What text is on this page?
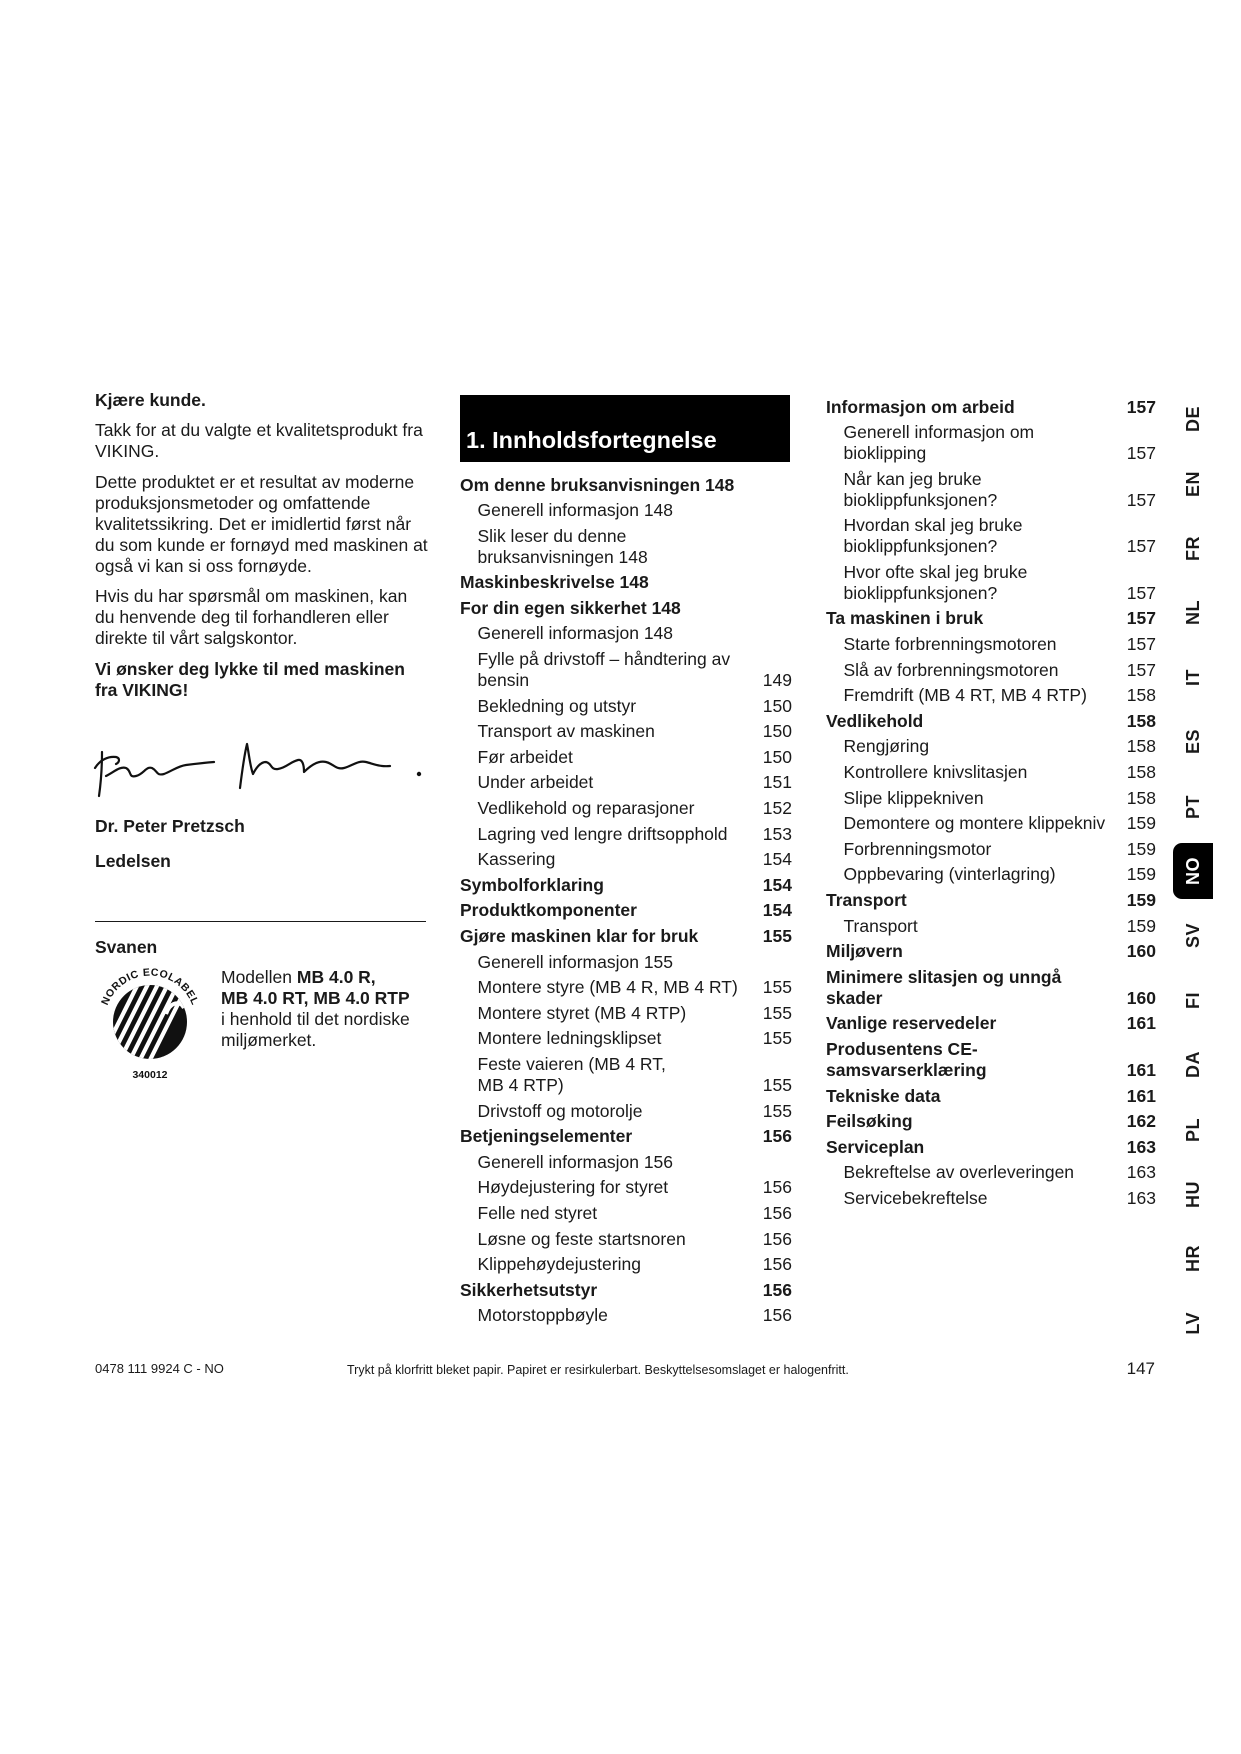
Kjære kunde.
Takk for at du valgte et kvalitetsprodukt fra
VIKING.
Dette produktet er et resultat av moderne
produksjonsmetoder og omfattende
kvalitetssikring. Det er imidlertid først når
du som kunde er fornøyd med maskinen at
også vi kan si oss fornøyde.
Hvis du har spørsmål om maskinen, kan
du henvende deg til forhandleren eller
direkte til vårt salgskontor.
Vi ønsker deg lykke til med maskinen
fra VIKING!
Dr. Peter Pretzsch
Ledelsen
Svanen
NORDIC ECOLABEL
340012
Modellen MB 4.0 R,
MB 4.0 RT, MB 4.0 RTP
i henhold til det nordiske
miljømerket.
1. Innholdsfortegnelse
Om denne bruksanvisningen 148
Generell informasjon 148
Slik leser du denne
bruksanvisningen 148
Maskinbeskrivelse 148
For din egen sikkerhet 148
Generell informasjon 148
Fylle på drivstoff – håndtering av
bensin	149
Bekledning og utstyr	150
Transport av maskinen	150
Før arbeidet	150
Under arbeidet	151
Vedlikehold og reparasjoner	152
Lagring ved lengre driftsopphold	153
Kassering	154
Symbolforklaring	154
Produktkomponenter	154
Gjøre maskinen klar for bruk	155
Generell informasjon 155
Montere styre (MB 4 R, MB 4 RT)	155
Montere styret (MB 4 RTP)	155
Montere ledningsklipset	155
Feste vaieren (MB 4 RT,
MB 4 RTP)	155
Drivstoff og motorolje	155
Betjeningselementer	156
Generell informasjon 156
Høydejustering for styret	156
Felle ned styret	156
Løsne og feste startsnoren	156
Klippehøydejustering	156
Sikkerhetsutstyr	156
Motorstoppbøyle	156
Informasjon om arbeid	157
Generell informasjon om
bioklipping	157
Når kan jeg bruke
bioklippfunksjonen?	157
Hvordan skal jeg bruke
bioklippfunksjonen?	157
Hvor ofte skal jeg bruke
bioklippfunksjonen?	157
Ta maskinen i bruk	157
Starte forbrenningsmotoren	157
Slå av forbrenningsmotoren	157
Fremdrift (MB 4 RT, MB 4 RTP)	158
Vedlikehold	158
Rengjøring	158
Kontrollere knivslitasjen	158
Slipe klippekniven	158
Demontere og montere klippekniv	159
Forbrenningsmotor	159
Oppbevaring (vinterlagring)	159
Transport	159
Transport	159
Miljøvern	160
Minimere slitasjen og unngå
skader	160
Vanlige reservedeler	161
Produsentens CE-
samsvarserklæring	161
Tekniske data	161
Feilsøking	162
Serviceplan	163
Bekreftelse av overleveringen	163
Servicebekreftelse	163
DE
EN
FR
NL
IT
ES
PT
NO
SV
FI
DA
PL
HU
HR
LV
0478 111 9924 C - NO	Trykt på klorfritt bleket papir. Papiret er resirkulerbart. Beskyttelsesomslaget er halogenfritt.	147
